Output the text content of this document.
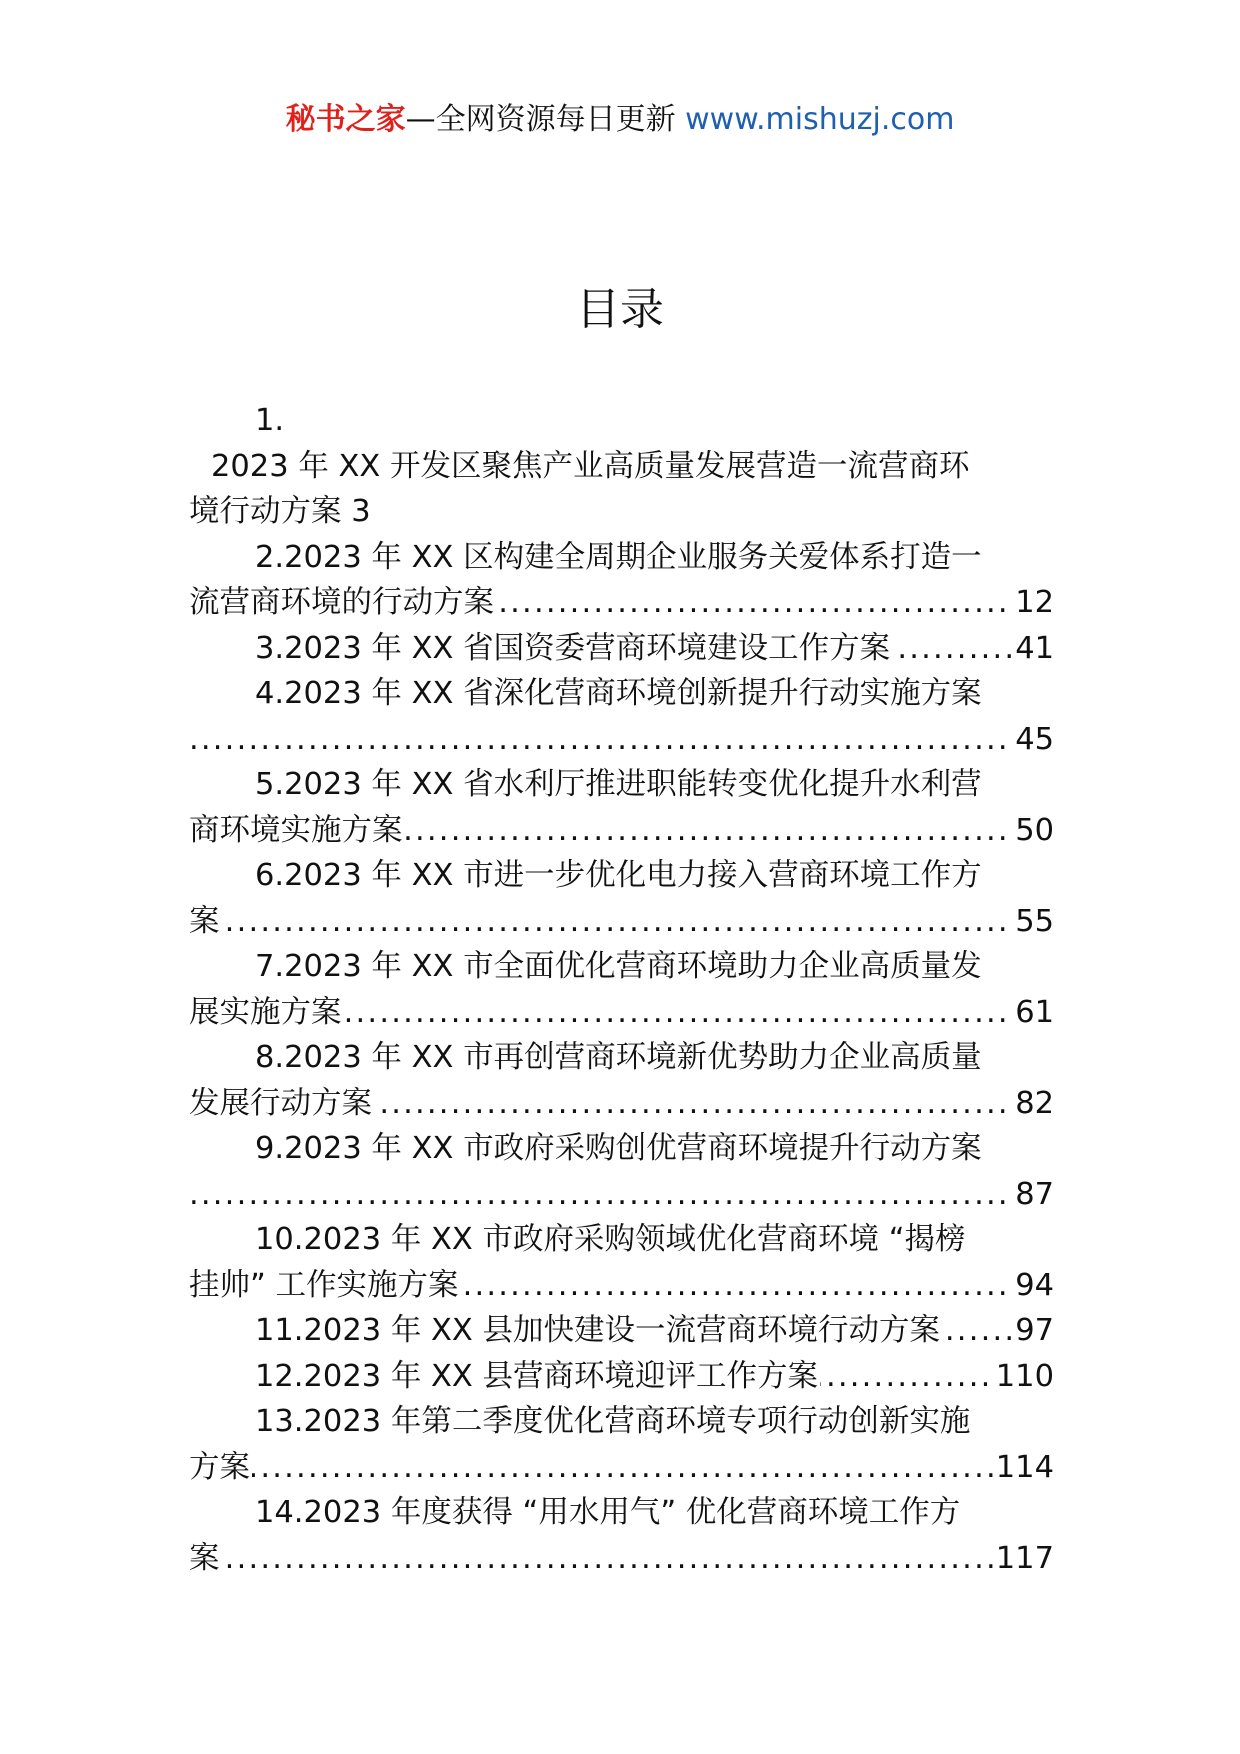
秘书之家—全网资源每日更新 www.mishuzj.com
目录
1.
2023 年 XX 开发区聚焦产业高质量发展营造一流营商环
境行动方案 3
2.2023 年 XX 区构建全周期企业服务关爱体系打造一
..... 流营商环境的行动方案	12
..... 3.2023 年 XX 省国资委营商环境建设工作方案	41
4.2023 年 XX 省深化营商环境创新提升行动实施方案
..... 45
5.2023 年 XX 省水利厅推进职能转变优化提升水利营
..... 商环境实施方案	50
6.2023 年 XX 市进一步优化电力接入营商环境工作方
..... 案	55
7.2023 年 XX 市全面优化营商环境助力企业高质量发
..... 展实施方案	61
8.2023 年 XX 市再创营商环境新优势助力企业高质量
..... 发展行动方案	82
9.2023 年 XX 市政府采购创优营商环境提升行动方案
..... 87
10.2023 年 XX 市政府采购领域优化营商环境 “揭榜
..... 挂帅” 工作实施方案	94
..... 11.2023 年 XX 县加快建设一流营商环境行动方案 97
..... 12.2023 年 XX 县营商环境迎评工作方案	110
13.2023 年第二季度优化营商环境专项行动创新实施
..... 方案	114
14.2023 年度获得 “用水用气” 优化营商环境工作方
..... 案	117
